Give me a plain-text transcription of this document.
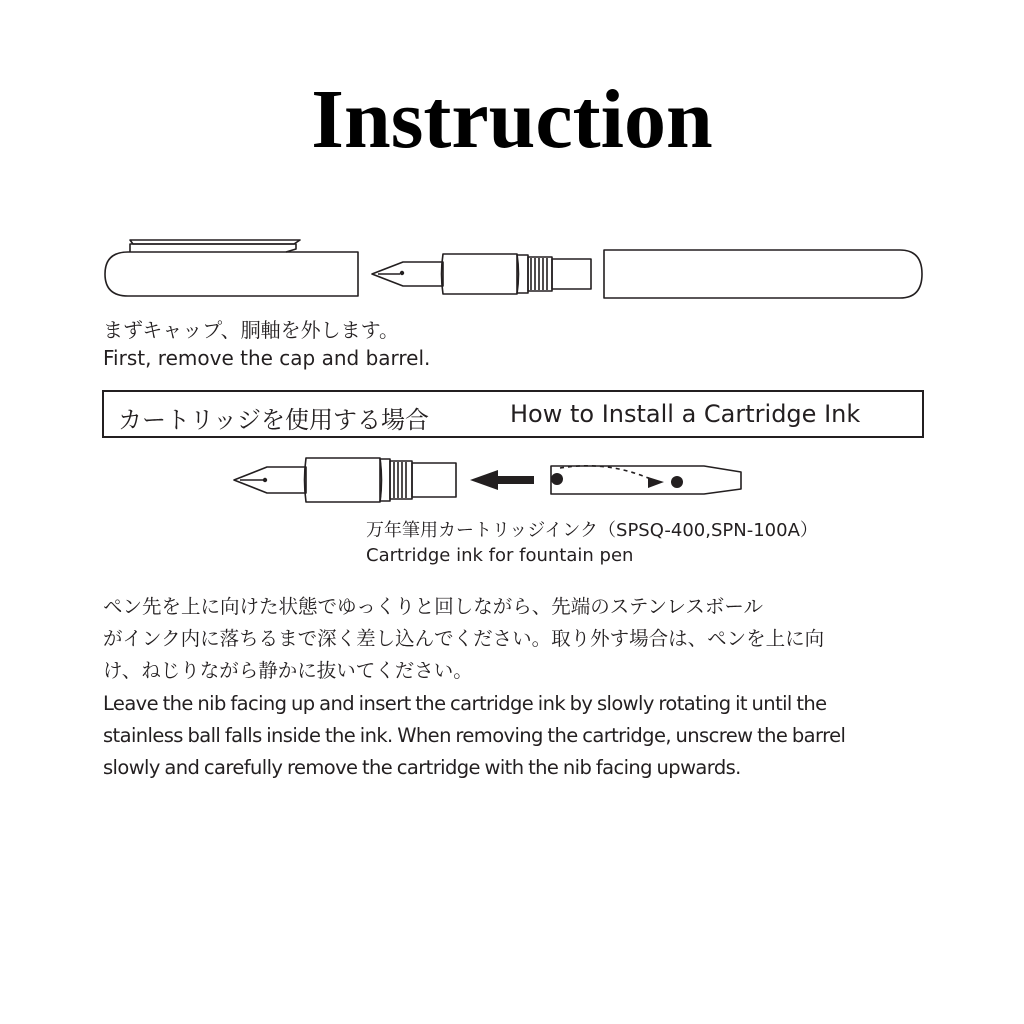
Instruction
まずキャップ、胴軸を外します。
First, remove the cap and barrel.
カートリッジを使用する場合	How to Install a Cartridge Ink
万年筆用カートリッジインク（SPSQ-400,SPN-100A）
Cartridge ink for fountain pen
ペン先を上に向けた状態でゆっくりと回しながら、先端のステンレスボール
がインク内に落ちるまで深く差し込んでください。取り外す場合は、ペンを上に向
け、ねじりながら静かに抜いてください。
Leave the nib facing up and insert the cartridge ink by slowly rotating it until the
stainless ball falls inside the ink. When removing the cartridge, unscrew the barrel
slowly and carefully remove the cartridge with the nib facing upwards.
